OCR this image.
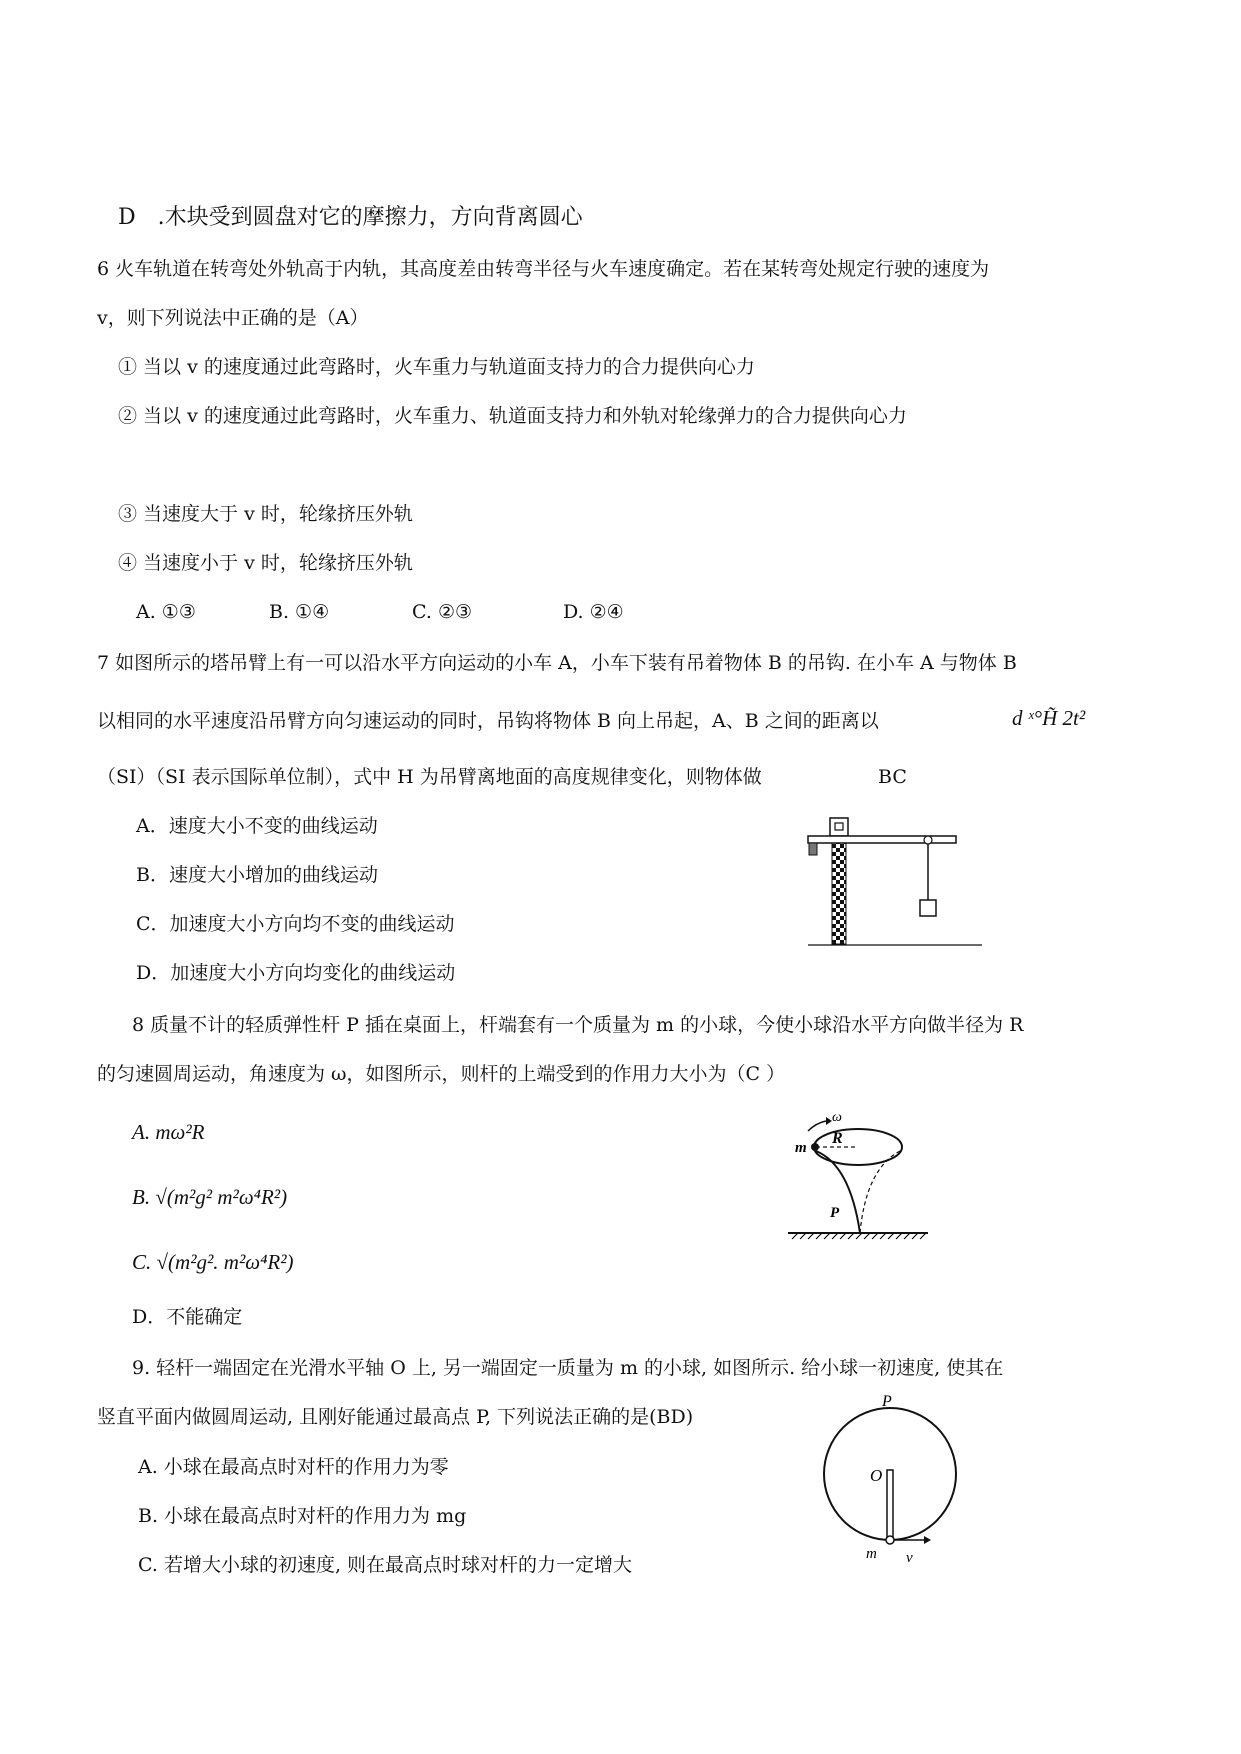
D　.木块受到圆盘对它的摩擦力，方向背离圆心
6 火车轨道在转弯处外轨高于内轨，其高度差由转弯半径与火车速度确定。若在某转弯处规定行驶的速度为
v，则下列说法中正确的是（A）
① 当以 v 的速度通过此弯路时，火车重力与轨道面支持力的合力提供向心力
② 当以 v 的速度通过此弯路时，火车重力、轨道面支持力和外轨对轮缘弹力的合力提供向心力
③ 当速度大于 v 时，轮缘挤压外轨
④ 当速度小于 v 时，轮缘挤压外轨
A. ①③	B. ①④	C. ②③	D. ②④
7 如图所示的塔吊臂上有一可以沿水平方向运动的小车 A，小车下装有吊着物体 B 的吊钩. 在小车 A 与物体 B
以相同的水平速度沿吊臂方向匀速运动的同时，吊钩将物体 B 向上吊起，A、B 之间的距离以	d ˣ°H̃ 2t²
（SI）（SI 表示国际单位制），式中 H 为吊臂离地面的高度规律变化，则物体做	BC
A．速度大小不变的曲线运动
B．速度大小增加的曲线运动
C．加速度大小方向均不变的曲线运动
D．加速度大小方向均变化的曲线运动
8 质量不计的轻质弹性杆 P 插在桌面上，杆端套有一个质量为 m 的小球，今使小球沿水平方向做半径为 R
的匀速圆周运动，角速度为 ω，如图所示，则杆的上端受到的作用力大小为（C ）
A. mω²R
B. √(m²g² m²ω⁴R²)
C. √(m²g². m²ω⁴R²)
D．不能确定
R
m
ω
P
9. 轻杆一端固定在光滑水平轴 O 上, 另一端固定一质量为 m 的小球, 如图所示. 给小球一初速度, 使其在
竖直平面内做圆周运动, 且刚好能通过最高点 P, 下列说法正确的是(BD)
A. 小球在最高点时对杆的作用力为零
B. 小球在最高点时对杆的作用力为 mg
C. 若增大小球的初速度, 则在最高点时球对杆的力一定增大
P
O
m v
